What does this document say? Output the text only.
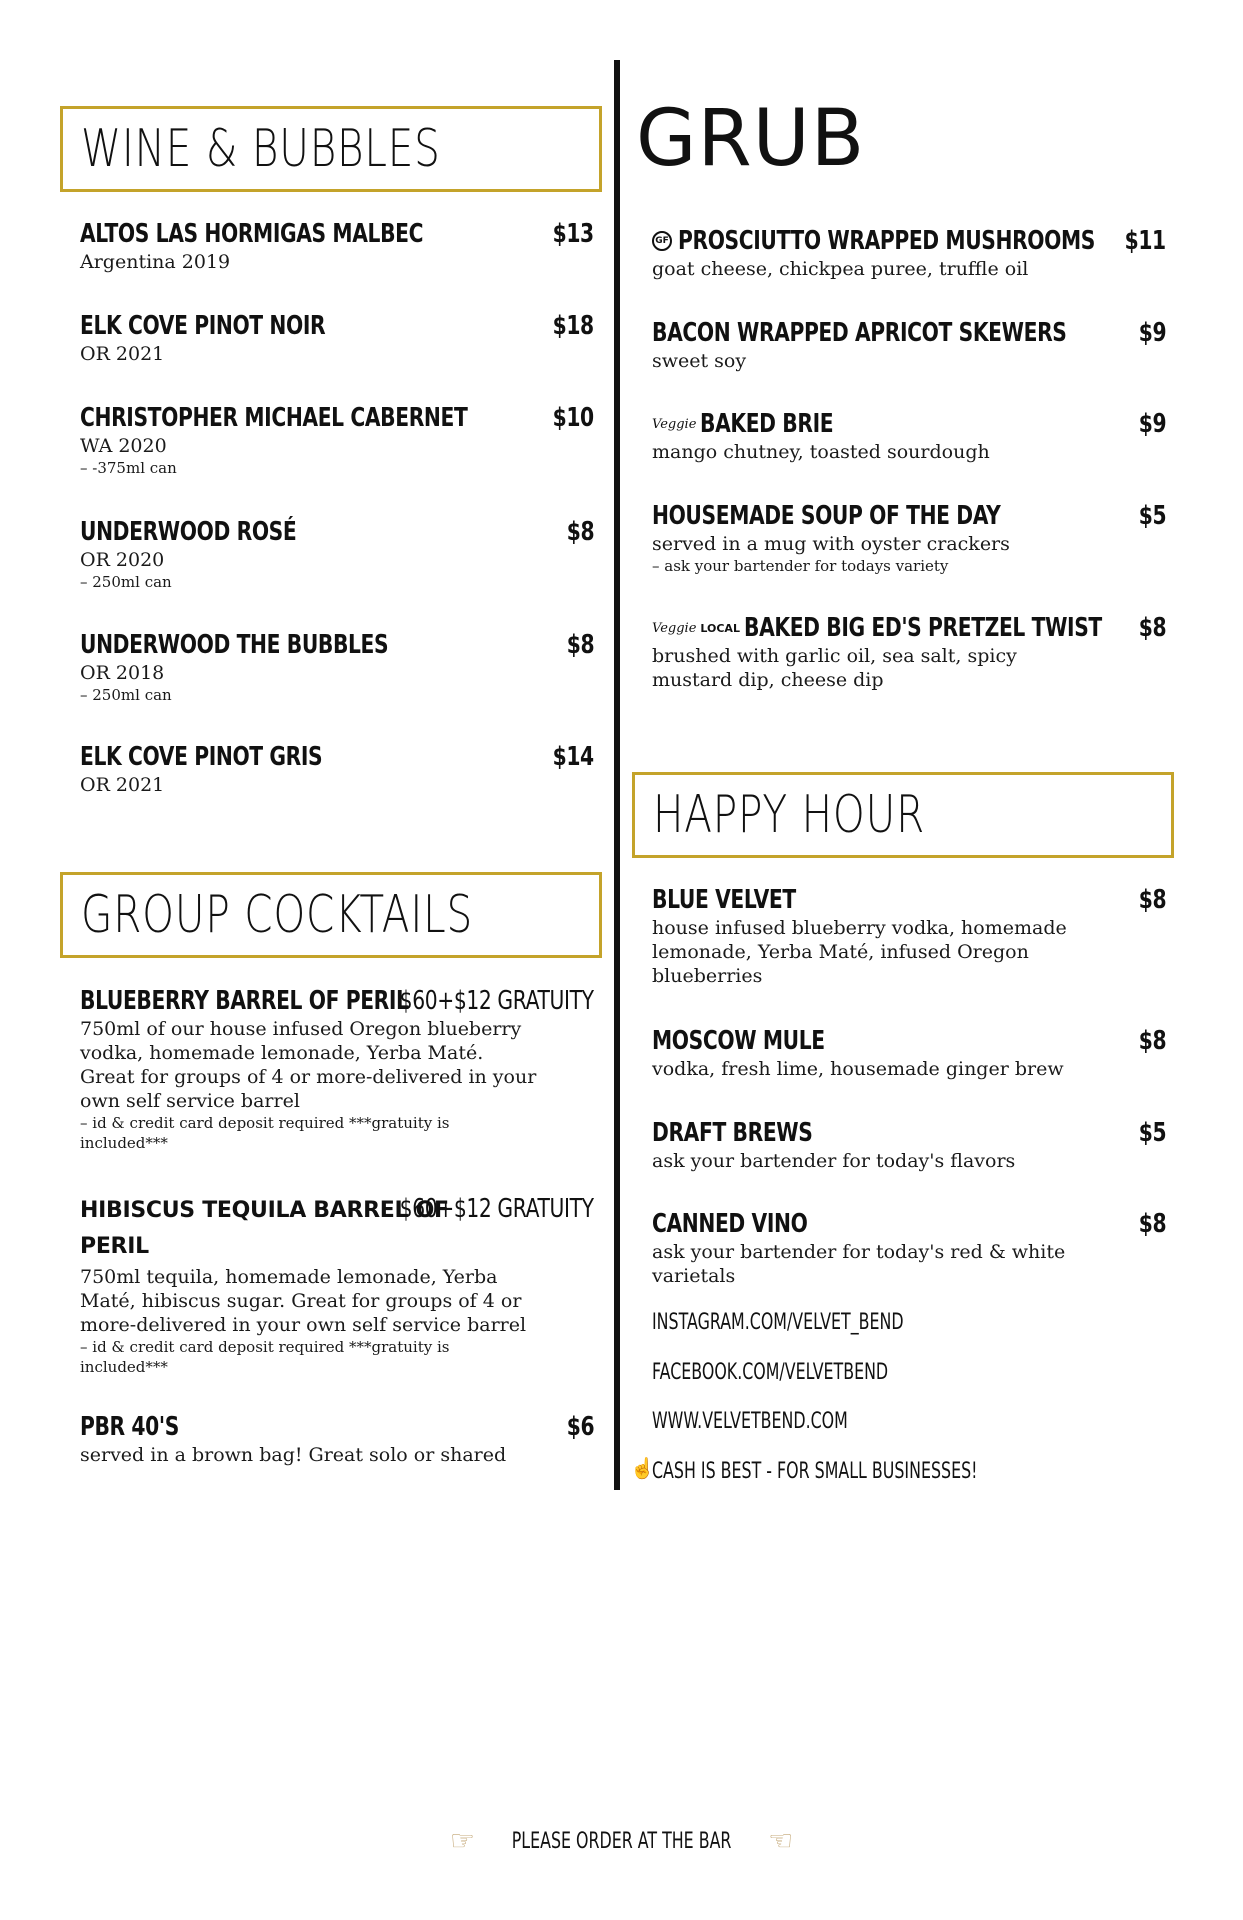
WINE & BUBBLES
ALTOS LAS HORMIGAS MALBEC	$13
Argentina 2019
ELK COVE PINOT NOIR	$18
OR 2021
CHRISTOPHER MICHAEL CABERNET	$10
WA 2020
– -375ml can
UNDERWOOD ROSÉ	$8
OR 2020
– 250ml can
UNDERWOOD THE BUBBLES	$8
OR 2018
– 250ml can
ELK COVE PINOT GRIS	$14
OR 2021
GROUP COCKTAILS
BLUEBERRY BARREL OF PERIL
$60+$12 GRATUITY
750ml of our house infused Oregon blueberry vodka, homemade lemonade, Yerba Maté. Great for groups of 4 or more-delivered in your own self service barrel
– id & credit card deposit required ***gratuity is included***
HIBISCUS TEQUILA BARREL OF PERIL
$60+$12 GRATUITY
750ml tequila, homemade lemonade, Yerba Maté, hibiscus sugar. Great for groups of 4 or more-delivered in your own self service barrel
– id & credit card deposit required ***gratuity is included***
PBR 40'S	$6
served in a brown bag! Great solo or shared
GRUB
GF PROSCIUTTO WRAPPED MUSHROOMS $11
goat cheese, chickpea puree, truffle oil
BACON WRAPPED APRICOT SKEWERS	$9
sweet soy
Veggie BAKED BRIE	$9
mango chutney, toasted sourdough
HOUSEMADE SOUP OF THE DAY	$5
served in a mug with oyster crackers
– ask your bartender for todays variety
Veggie LOCAL BAKED BIG ED'S PRETZEL TWIST $8
brushed with garlic oil, sea salt, spicy mustard dip, cheese dip
HAPPY HOUR
BLUE VELVET	$8
house infused blueberry vodka, homemade lemonade, Yerba Maté, infused Oregon blueberries
MOSCOW MULE	$8
vodka, fresh lime, housemade ginger brew
DRAFT BREWS	$5
ask your bartender for today's flavors
CANNED VINO	$8
ask your bartender for today's red & white varietals
INSTAGRAM.COM/VELVET_BEND
FACEBOOK.COM/VELVETBEND
WWW.VELVETBEND.COM
☝
CASH IS BEST - FOR SMALL BUSINESSES!
☞ PLEASE ORDER AT THE BAR ☜
